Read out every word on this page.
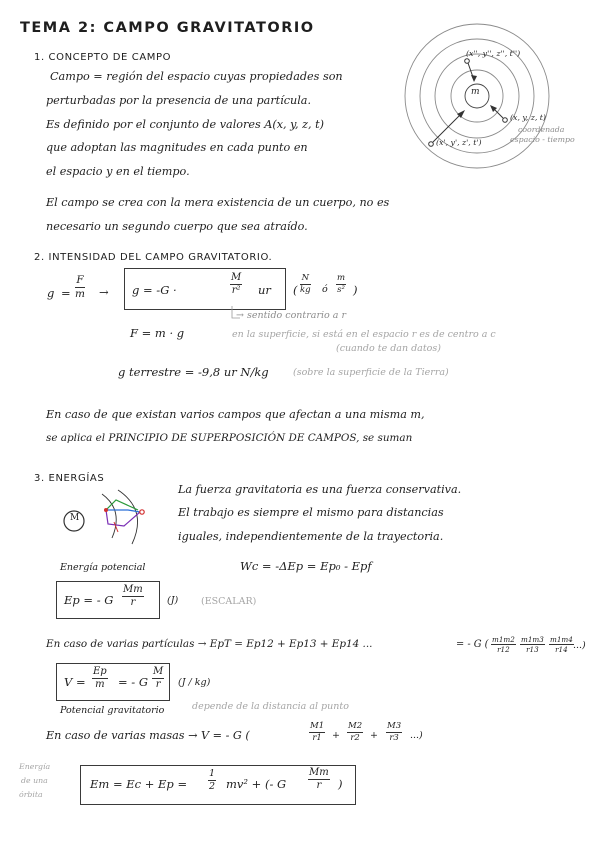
TEMA 2: CAMPO GRAVITATORIO
1. CONCEPTO DE CAMPO
Campo = región del espacio cuyas propiedades son
perturbadas por la presencia de una partícula.
Es definido por el conjunto de valores A(x, y, z, t)
que adoptan las magnitudes en cada punto en
el espacio y en el tiempo.
El campo se crea con la mera existencia de un cuerpo, no es
necesario un segundo cuerpo que sea atraído.
m
(x'', y'', z'', t'')
(x, y, z, t)
(x', y', z', t')
coordenada
espacio - tiempo
2. INTENSIDAD DEL CAMPO GRAVITATORIO.
$g = \frac{F}{m} \to g = -G$ ·	$\frac{M}{\text{r²}}$ ur ( $\frac{N}{kg}$ ó $\frac{m}{\text{s²}}$ )
→ sentido contrario a r
F = m · g	en la superficie, si está en el espacio r es de centro a c
(cuando te dan datos)
g terrestre = -9,8 ur N/kg	(sobre la superficie de la Tierra)
En caso de que existan varios campos que afectan a una misma m,
se aplica el PRINCIPIO DE SUPERPOSICIÓN DE CAMPOS, se suman
3. ENERGÍAS
M
La fuerza gravitatoria es una fuerza conservativa.
El trabajo es siempre el mismo para distancias
iguales, independientemente de la trayectoria.
Energía potencial	Wc = -ΔEp = Ep₀ - Epf
Ep = - G $\frac{Mm}{r} (J)$ (ESCALAR)
En caso de varias partículas → EpT = Ep12 + Ep13 + Ep14 ...	= - G ( $\frac{m1m2}{r12} \frac{m1m3}{r13} \frac{m1m4}{r14}$ ...)
$V = \frac{Ep}{m}$ = - G $\frac{M}{r} (J / kg)$
Potencial gravitatorio	depende de la distancia al punto
En caso de varias masas → V = - G (	$\frac{M1}{r1} + \frac{M2}{r2} + \frac{M3}{r3}$ ...)
Energía
de una
órbita
$Em = Ec + Ep = \frac{1}{2} mv^2$ + (- G $\frac{Mm}{r}$ )
